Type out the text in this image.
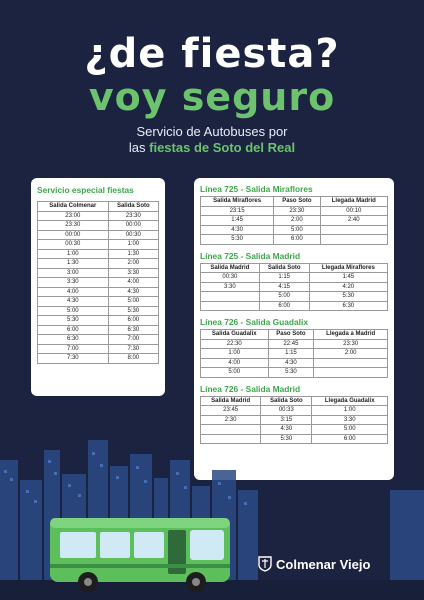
¿de fiesta?
voy seguro
Servicio de Autobuses por
las fiestas de Soto del Real
Servicio especial fiestas
Salida Colmenar	Salida Soto
23:00	23:30
23:30	00:00
00:00	00:30
00:30	1:00
1:00	1:30
1:30	2:00
3:00	3:30
3:30	4:00
4:00	4:30
4:30	5:00
5:00	5:30
5:30	6:00
6:00	6:30
6:30	7:00
7:00	7:30
7:30	8:00
Línea 725 - Salida Miraflores
Salida Miraflores	Paso Soto	Llegada Madrid
23:15	23:30	00:10
1:45	2:00	2:40
4:30	5:00	
5:30	6:00	
Línea 725 - Salida Madrid
Salida Madrid	Salida Soto	Llegada Miraflores
00:30	1:15	1:45
3:30	4:15	4:20
	5:00	5:30
	6:00	6:30
Línea 726 - Salida Guadalix
Salida Guadalix	Paso Soto	Llegada a Madrid
22:30	22:45	23:30
1:00	1:15	2:00
4:00	4:30	
5:00	5:30	
Línea 726 - Salida Madrid
Salida Madrid	Salida Soto	Llegada Guadalix
23:45	00:33	1:00
2:30	3:15	3:30
	4:30	5:00
	5:30	6:00
Colmenar Viejo
